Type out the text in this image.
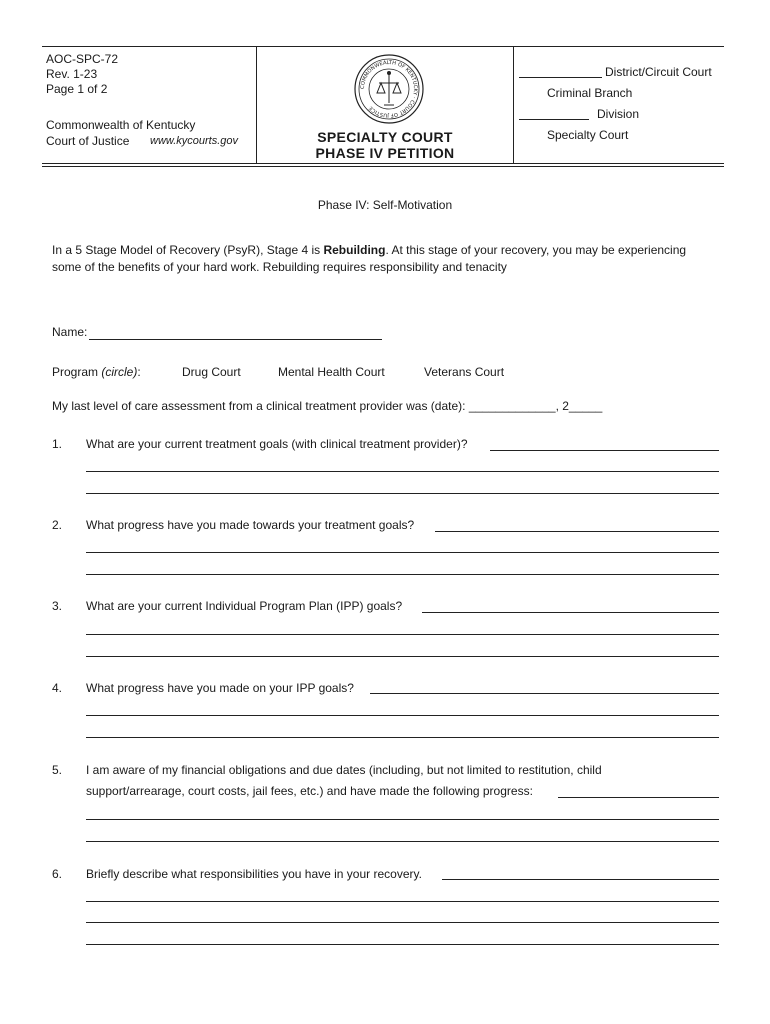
AOC-SPC-72
Rev. 1-23
Page 1 of 2
Commonwealth of Kentucky
Court of Justice www.kycourts.gov
COMMONWEALTH OF KENTUCKY · COURT OF JUSTICE
SPECIALTY COURT
PHASE IV PETITION
District/Circuit Court
Criminal Branch
Division
Specialty Court
Phase IV: Self-Motivation
In a 5 Stage Model of Recovery (PsyR), Stage 4 is Rebuilding. At this stage of your recovery, you may be experiencing
some of the benefits of your hard work. Rebuilding requires responsibility and tenacity
Name:
Program (circle):	Drug Court	Mental Health Court	Veterans Court
My last level of care assessment from a clinical treatment provider was (date): _____________, 2_____
1. What are your current treatment goals (with clinical treatment provider)?
2. What progress have you made towards your treatment goals?
3. What are your current Individual Program Plan (IPP) goals?
4. What progress have you made on your IPP goals?
5. I am aware of my financial obligations and due dates (including, but not limited to restitution, child
support/arrearage, court costs, jail fees, etc.) and have made the following progress:
6. Briefly describe what responsibilities you have in your recovery.
